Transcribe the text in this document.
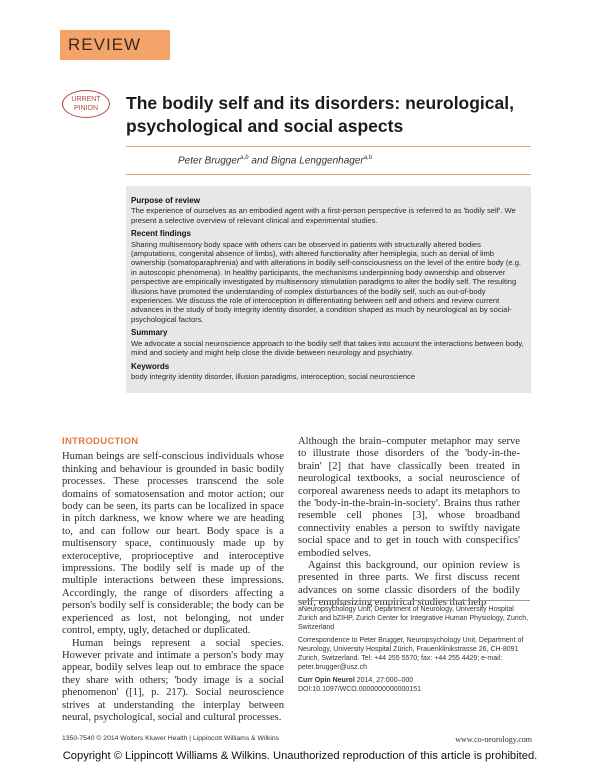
REVIEW
URRENT
PINION	The bodily self and its disorders: neurological, psychological and social aspects
Peter Brugger$^{a,b}$ and Bigna Lenggenhager$^{a,b}$
Purpose of review

The experience of ourselves as an embodied agent with a first-person perspective is referred to as 'bodily self'. We present a selective overview of relevant clinical and experimental studies.

Recent findings

Sharing multisensory body space with others can be observed in patients with structurally altered bodies (amputations, congenital absence of limbs), with altered functionality after hemiplegia, such as denial of limb ownership (somatoparaphrenia) and with alterations in bodily self-consciousness on the level of the entire body (e.g. in autoscopic phenomena). In healthy participants, the mechanisms underpinning body ownership and observer perspective are empirically investigated by multisensory stimulation paradigms to alter the bodily self. The resulting illusions have promoted the understanding of complex disturbances of the bodily self, such as out-of-body experiences. We discuss the role of interoception in differentiating between self and others and review current advances in the study of body integrity identity disorder, a condition shaped as much by neurological as by social-psychological factors.

Summary

We advocate a social neuroscience approach to the bodily self that takes into account the interactions between body, mind and society and might help close the divide between neurology and psychiatry.

Keywords

body integrity identity disorder, illusion paradigms, interoception, social neuroscience

INTRODUCTION

Human beings are self-conscious individuals whose thinking and behaviour is grounded in basic bodily processes. These processes transcend the sole domains of somatosensation and motor action; our body can be seen, its parts can be localized in space in pitch darkness, we know where we are heading to, and can follow our heart. Body space is a multisensory space, continuously made up by exteroceptive, proprioceptive and interoceptive impressions. The bodily self is made up of the multiple interactions between these impressions. Accordingly, the range of disorders affecting a person's bodily self is considerable; the body can be experienced as lost, not belonging, not under control, empty, ugly, detached or duplicated.

Human beings represent a social species. However private and intimate a person's body may appear, bodily selves leap out to embrace the space they share with others; 'body image is a social phenomenon' ([1], p. 217). Social neuroscience strives at understanding the interplay between neural, psychological, social and cultural processes.

Although the brain–computer metaphor may serve to illustrate those disorders of the 'body-in-the-brain' [2] that have classically been treated in neurological textbooks, a social neuroscience of corporeal awareness needs to adapt its metaphors to the 'body-in-the-brain-in-society'. Brains thus rather resemble cell phones [3], whose broadband connectivity enables a person to swiftly navigate social space and to get in touch with conspecifics' embodied selves.

Against this background, our opinion review is presented in three parts. We first discuss recent advances on some classic disorders of the bodily self, emphasizing empirical studies that help

aNeuropsychology Unit, Department of Neurology, University Hospital Zurich and bZIHP, Zurich Center for Integrative Human Physiology, Zurich, Switzerland

Correspondence to Peter Brugger, Neuropsychology Unit, Department of Neurology, University Hospital Zürich, Frauenklinikstrasse 26, CH-8091 Zurich, Switzerland. Tel: +44 255 5570; fax: +44 255 4429; e-mail: peter.brugger@usz.ch

Curr Opin Neurol 2014, 27:000–000

DOI:10.1097/WCO.0000000000000151

1350-7540 © 2014 Wolters Kluwer Health | Lippincott Williams & Wilkins	www.co-neurology.com
Copyright © Lippincott Williams & Wilkins. Unauthorized reproduction of this article is prohibited.
